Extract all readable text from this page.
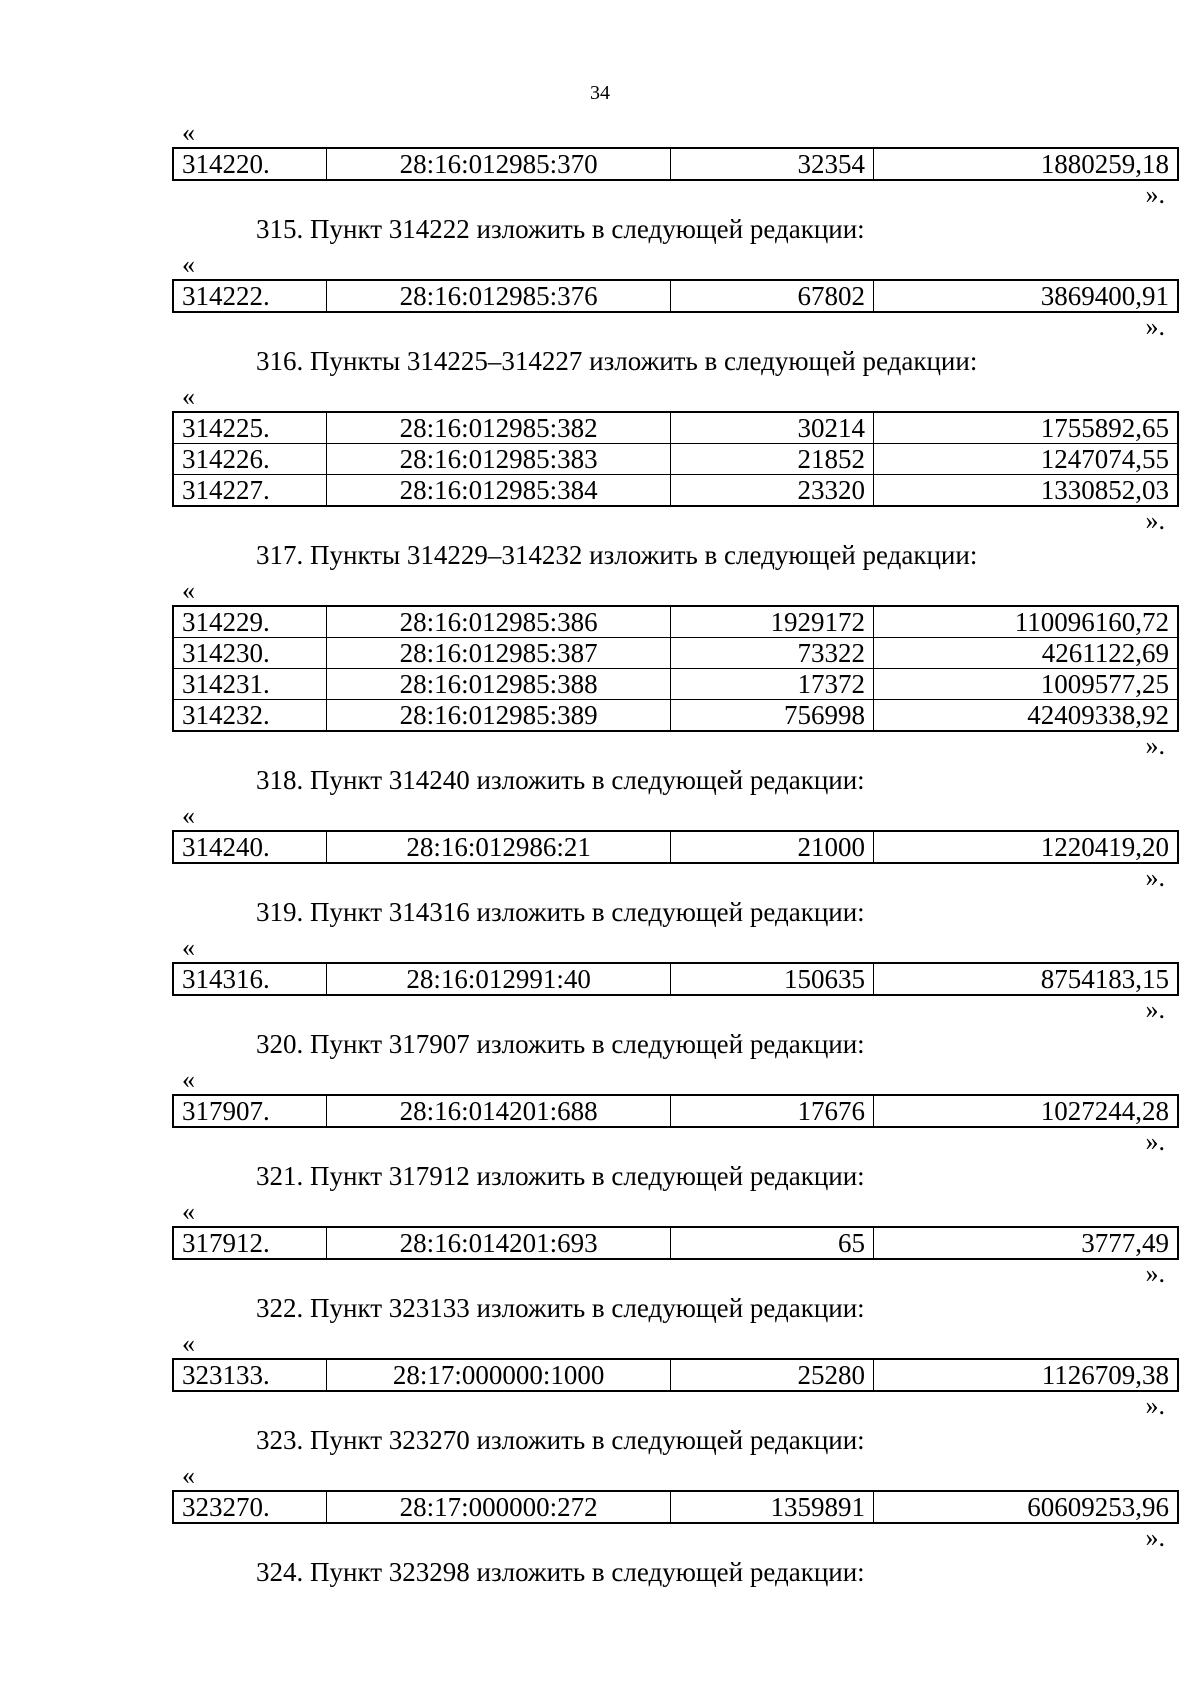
34
«
314220.	28:16:012985:370	32354	1880259,18
».
315. Пункт 314222 изложить в следующей редакции:
«
314222.	28:16:012985:376	67802	3869400,91
».
316. Пункты 314225–314227 изложить в следующей редакции:
«
314225.	28:16:012985:382	30214	1755892,65
314226.	28:16:012985:383	21852	1247074,55
314227.	28:16:012985:384	23320	1330852,03
».
317. Пункты 314229–314232 изложить в следующей редакции:
«
314229.	28:16:012985:386	1929172	110096160,72
314230.	28:16:012985:387	73322	4261122,69
314231.	28:16:012985:388	17372	1009577,25
314232.	28:16:012985:389	756998	42409338,92
».
318. Пункт 314240 изложить в следующей редакции:
«
314240.	28:16:012986:21	21000	1220419,20
».
319. Пункт 314316 изложить в следующей редакции:
«
314316.	28:16:012991:40	150635	8754183,15
».
320. Пункт 317907 изложить в следующей редакции:
«
317907.	28:16:014201:688	17676	1027244,28
».
321. Пункт 317912 изложить в следующей редакции:
«
317912.	28:16:014201:693	65	3777,49
».
322. Пункт 323133 изложить в следующей редакции:
«
323133.	28:17:000000:1000	25280	1126709,38
».
323. Пункт 323270 изложить в следующей редакции:
«
323270.	28:17:000000:272	1359891	60609253,96
».
324. Пункт 323298 изложить в следующей редакции:
